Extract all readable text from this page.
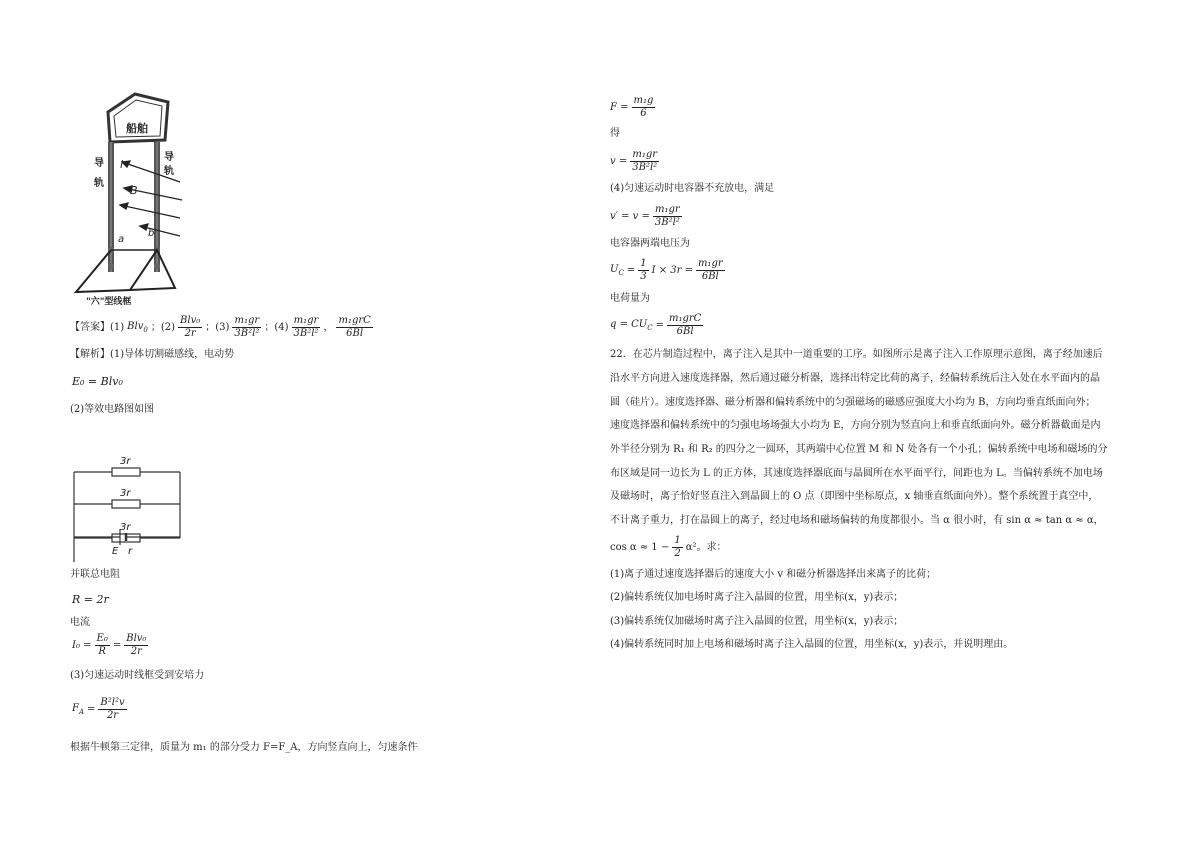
船舶
导
轨
导
轨
l
B
a
b
"六"型线框
【答案】(1) Blv$_0$ ；$(2) \frac{\text{Blv₀}}{2r}$ ；$(3) \frac{\text{m₁gr}}{\text{3B²l²}}$ ；$(4) \frac{\text{m₁gr}}{\text{3B²l²}}$ ， $\frac{\text{m₁grC}}{6Bl}$
【解析】(1)导体切割磁感线，电动势
E₀ = Blv₀
(2)等效电路图如图
3r
3r
3r
E r
并联总电阻
R = 2r
电流
$I_0 = \frac{\text{E₀}}{R} = \frac{\text{Blv₀}}{2r}$
(3)匀速运动时线框受到安培力
$F_A = \frac{\text{B²l²v}}{2r}$
根据牛顿第三定律，质量为 m₁ 的部分受力 F=F_A，方向竖直向上，匀速条件
$F = \frac{\text{m₁g}}{6}$
得
$v = \frac{\text{m₁gr}}{\text{3B²l²}}$
(4)匀速运动时电容器不充放电，满足
$v' = v = \frac{\text{m₁gr}}{\text{3B²l²}}$
电容器两端电压为
$U_C = \frac{1}{3}$ $I \times 3r = \frac{\text{m₁gr}}{6Bl}$
电荷量为
$q = CU_C = \frac{\text{m₁grC}}{6Bl}$
22．在芯片制造过程中，离子注入是其中一道重要的工序。如图所示是离子注入工作原理示意图，离子经加速后
沿水平方向进入速度选择器，然后通过磁分析器，选择出特定比荷的离子，经偏转系统后注入处在水平面内的晶
圆（硅片）。速度选择器、磁分析器和偏转系统中的匀强磁场的磁感应强度大小均为 B，方向均垂直纸面向外；
速度选择器和偏转系统中的匀强电场场强大小均为 E，方向分别为竖直向上和垂直纸面向外。磁分析器截面是内
外半径分别为 R₁ 和 R₂ 的四分之一圆环，其两端中心位置 M 和 N 处各有一个小孔；偏转系统中电场和磁场的分
布区域是同一边长为 L 的正方体，其速度选择器底面与晶圆所在水平面平行，间距也为 L。当偏转系统不加电场
及磁场时，离子恰好竖直注入到晶圆上的 O 点（即图中坐标原点，x 轴垂直纸面向外）。整个系统置于真空中，
不计离子重力，打在晶圆上的离子，经过电场和磁场偏转的角度都很小。当 α 很小时，有 sin α ≈ tan α ≈ α，
$\cos \alpha \approx 1 - \frac{1}{2} \alpha^2$。求：
(1)离子通过速度选择器后的速度大小 v 和磁分析器选择出来离子的比荷；
(2)偏转系统仅加电场时离子注入晶圆的位置，用坐标(x，y)表示；
(3)偏转系统仅加磁场时离子注入晶圆的位置，用坐标(x，y)表示；
(4)偏转系统同时加上电场和磁场时离子注入晶圆的位置，用坐标(x，y)表示，并说明理由。
